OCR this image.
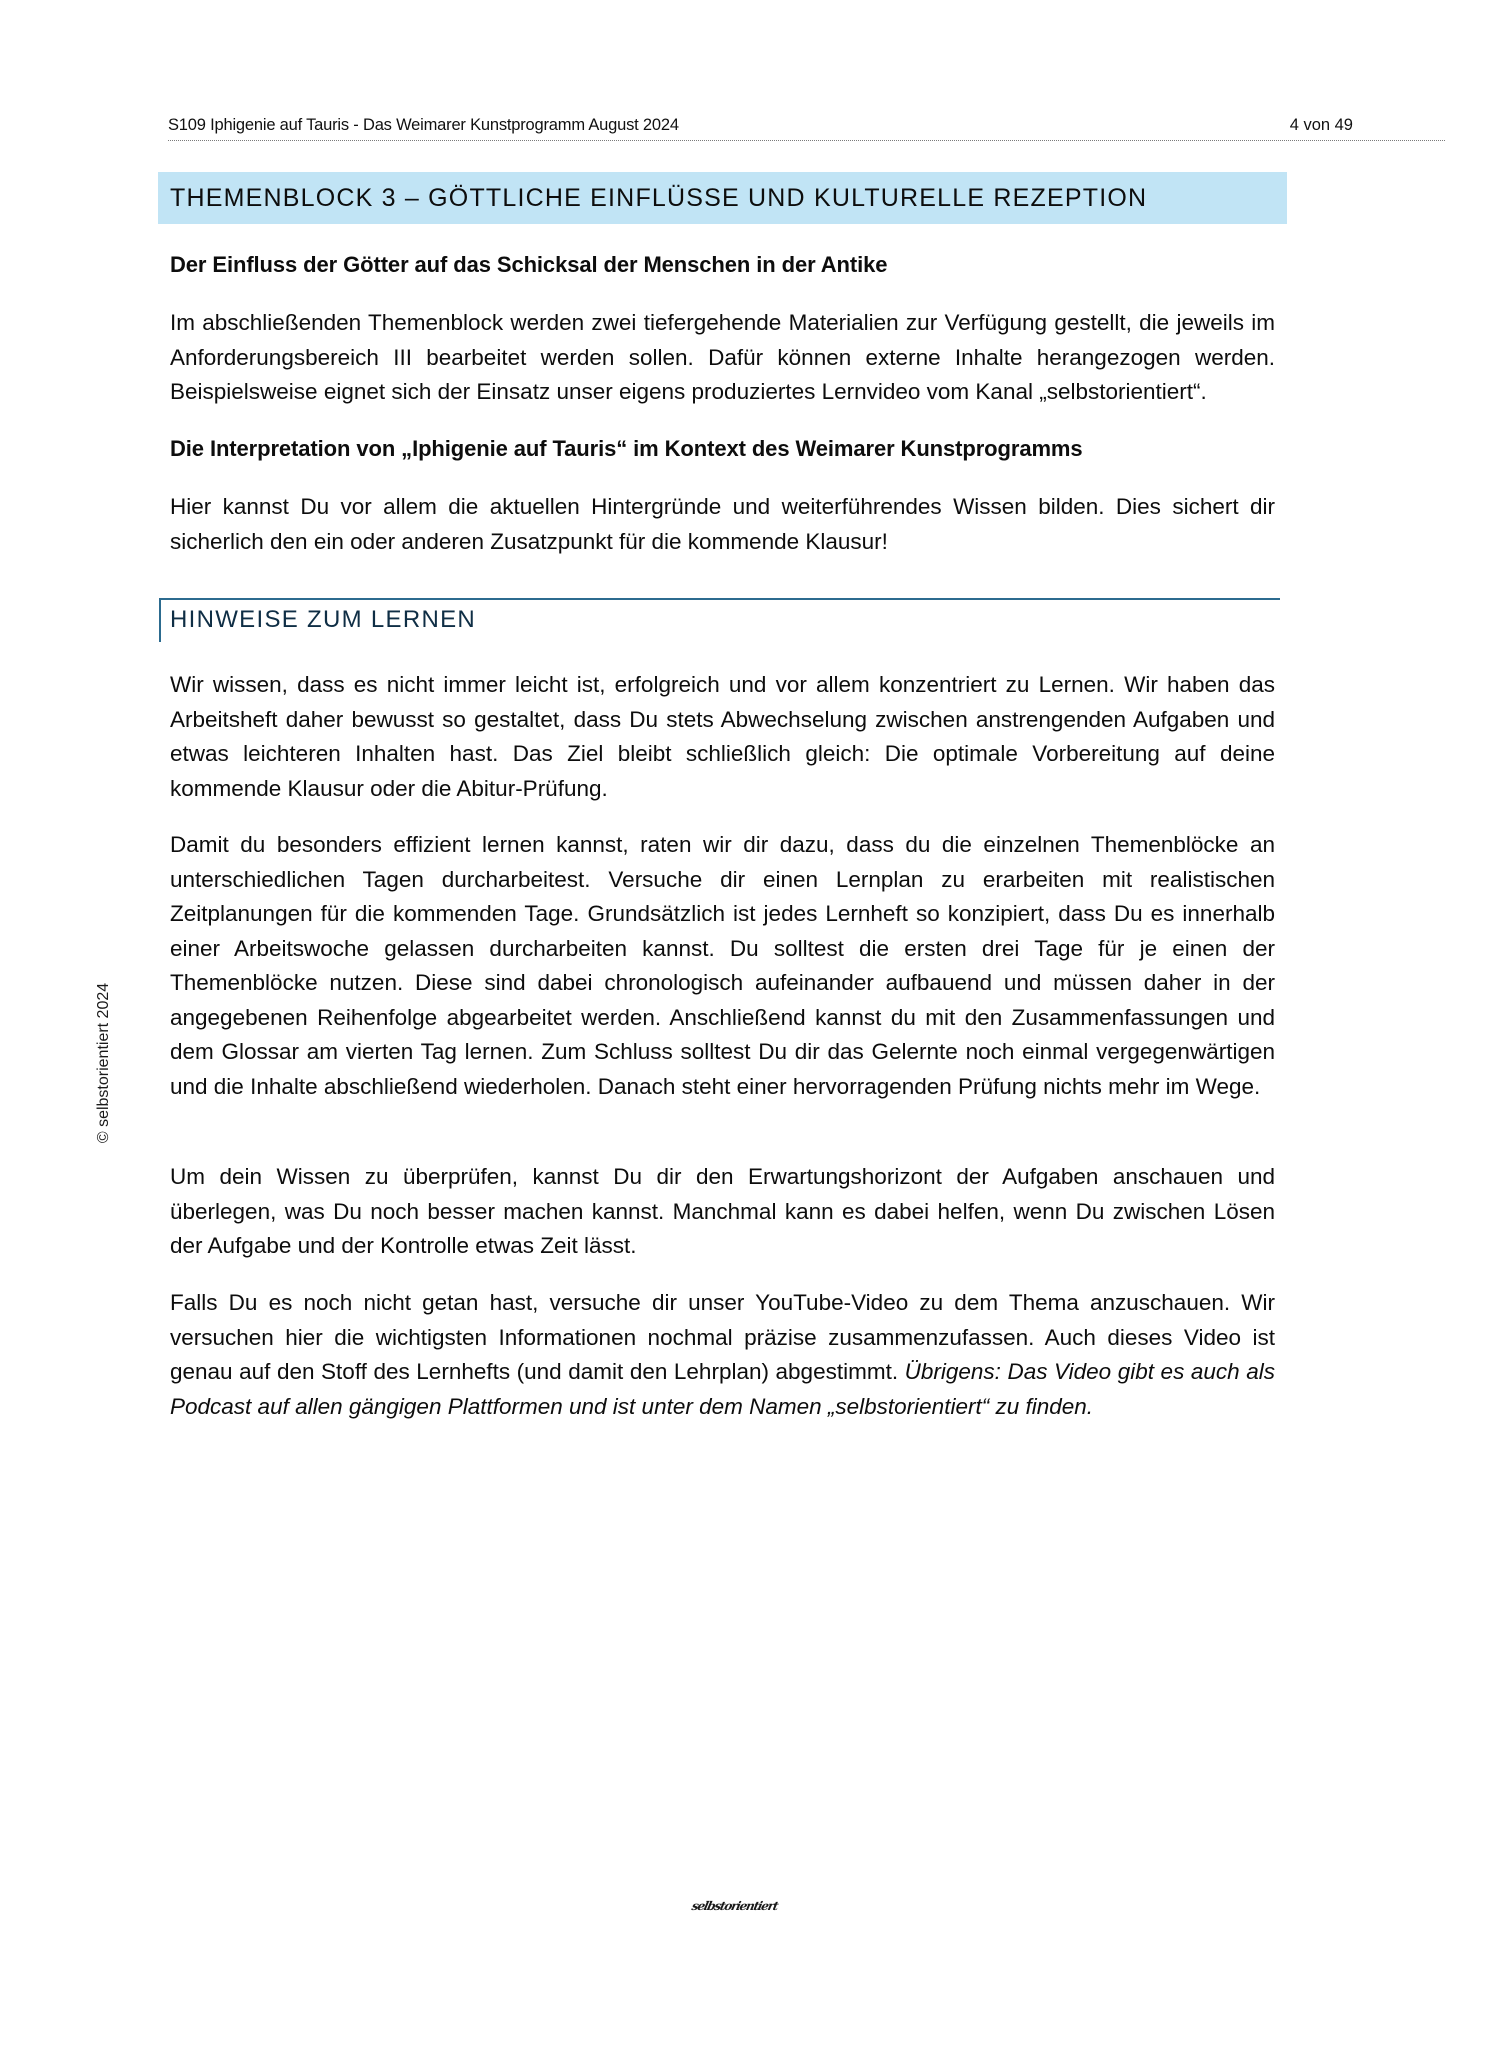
S109 Iphigenie auf Tauris - Das Weimarer Kunstprogramm August 2024	4 von 49
THEMENBLOCK 3 – GÖTTLICHE EINFLÜSSE UND KULTURELLE REZEPTION
Der Einfluss der Götter auf das Schicksal der Menschen in der Antike

Im abschließenden Themenblock werden zwei tiefergehende Materialien zur Verfügung gestellt, die jeweils im Anforderungsbereich III bearbeitet werden sollen. Dafür können externe Inhalte herangezogen werden. Beispielsweise eignet sich der Einsatz unser eigens produziertes Lernvideo vom Kanal „selbstorientiert“.

Die Interpretation von „Iphigenie auf Tauris“ im Kontext des Weimarer Kunstprogramms

Hier kannst Du vor allem die aktuellen Hintergründe und weiterführendes Wissen bilden. Dies sichert dir sicherlich den ein oder anderen Zusatzpunkt für die kommende Klausur!

HINWEISE ZUM LERNEN

Wir wissen, dass es nicht immer leicht ist, erfolgreich und vor allem konzentriert zu Lernen. Wir haben das Arbeitsheft daher bewusst so gestaltet, dass Du stets Abwechselung zwischen anstrengenden Aufgaben und etwas leichteren Inhalten hast. Das Ziel bleibt schließlich gleich: Die optimale Vorbereitung auf deine kommende Klausur oder die Abitur-Prüfung.

Damit du besonders effizient lernen kannst, raten wir dir dazu, dass du die einzelnen Themenblöcke an unterschiedlichen Tagen durcharbeitest. Versuche dir einen Lernplan zu erarbeiten mit realistischen Zeitplanungen für die kommenden Tage. Grundsätzlich ist jedes Lernheft so konzipiert, dass Du es innerhalb einer Arbeitswoche gelassen durcharbeiten kannst. Du solltest die ersten drei Tage für je einen der Themenblöcke nutzen. Diese sind dabei chronologisch aufeinander aufbauend und müssen daher in der angegebenen Reihenfolge abgearbeitet werden. Anschließend kannst du mit den Zusammenfassungen und dem Glossar am vierten Tag lernen. Zum Schluss solltest Du dir das Gelernte noch einmal vergegenwärtigen und die Inhalte abschließend wiederholen. Danach steht einer hervorragenden Prüfung nichts mehr im Wege.

Um dein Wissen zu überprüfen, kannst Du dir den Erwartungshorizont der Aufgaben anschauen und überlegen, was Du noch besser machen kannst. Manchmal kann es dabei helfen, wenn Du zwischen Lösen der Aufgabe und der Kontrolle etwas Zeit lässt.

Falls Du es noch nicht getan hast, versuche dir unser YouTube-Video zu dem Thema anzuschauen. Wir versuchen hier die wichtigsten Informationen nochmal präzise zusammenzufassen. Auch dieses Video ist genau auf den Stoff des Lernhefts (und damit den Lehrplan) abgestimmt. Übrigens: Das Video gibt es auch als Podcast auf allen gängigen Plattformen und ist unter dem Namen „selbstorientiert“ zu finden.

© selbstorientiert 2024
selbstorientiert
